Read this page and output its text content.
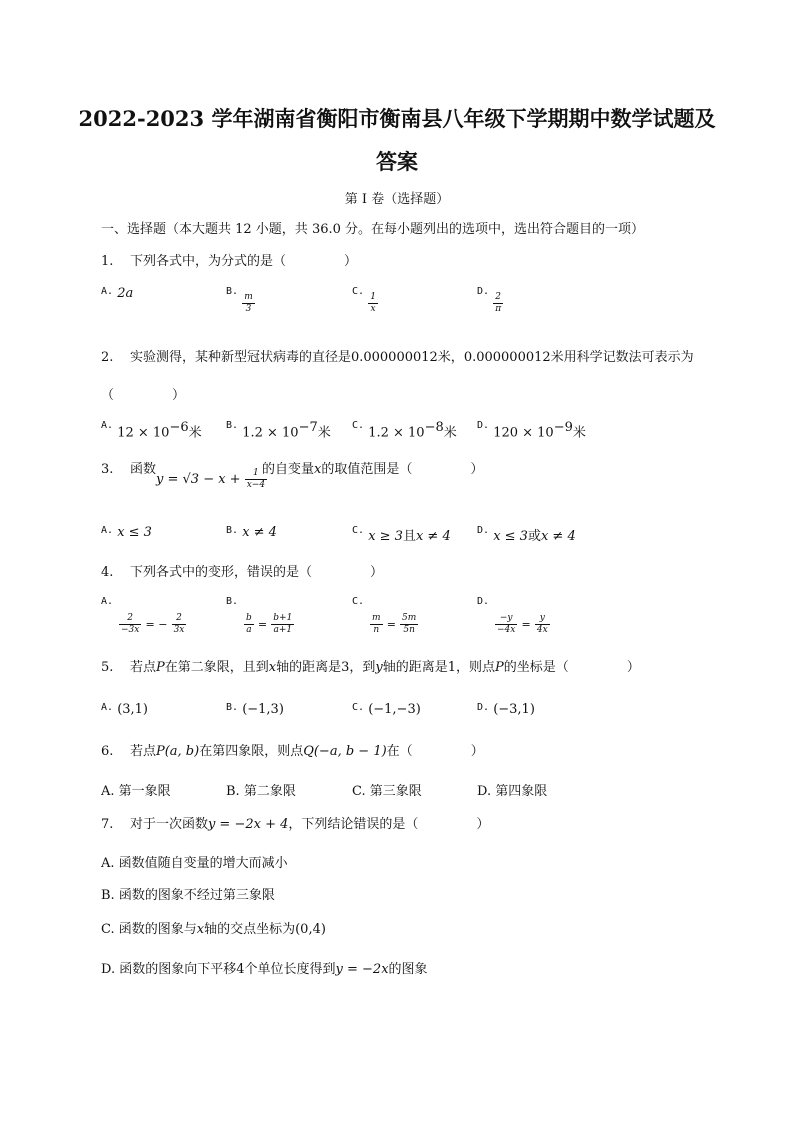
2022-2023 学年湖南省衡阳市衡南县八年级下学期期中数学试题及
答案
第 I 卷（选择题）
一、选择题（本大题共 12 小题，共 36.0 分。在每小题列出的选项中，选出符合题目的一项）
1. 下列各式中，为分式的是（	）
$^{A.}$ 2a	$^{B.}$
$\frac{m}{3}$
$^{C.}$
$\frac{1}{x}$
$^{D.}$
$\frac{2}{\pi}$
2. 实验测得，某种新型冠状病毒的直径是0.000000012米，0.000000012米用科学记数法可表示为
（	）
$^{A.}$ $12 \times 10^{-6}$米 $^{B.}$ $1.2 \times 10^{-7}$米 $^{C.}$ $1.2 \times 10^{-8}$米 $^{D.}$ $120 \times 10^{-9}$米
3. 函数
$y = √3 - x + \frac{1}{x-4}$
的自变量x的取值范围是（	）
$^{A.}$ x ≤ 3	$^{B.}$ x ≠ 4	$^{C.}$ x ≥ 3且x ≠ 4	$^{D.}$ x ≤ 3或x ≠ 4
4. 下列各式中的变形，错误的是（	）
$^{A.}$
$\frac{2}{-3x}$ = − $\frac{2}{3x}$
$^{B.}$
$\frac{b}{a} = \frac{b+1}{a+1}$
$^{C.}$
$\frac{m}{n} = \frac{5m}{5n}$
$^{D.}$
$\frac{-y}{-4x} = \frac{y}{4x}$
5. 若点P在第二象限，且到x轴的距离是3，到y轴的距离是1，则点P的坐标是（	）
$^{A.}$ (3,1)	$^{B.}$ (−1,3)	$^{C.}$ (−1,−3)	$^{D.}$ (−3,1)
6. 若点P(a, b)在第四象限，则点Q(−a, b − 1)在（	）
A. 第一象限	B. 第二象限	C. 第三象限	D. 第四象限
7. 对于一次函数y = −2x + 4，下列结论错误的是（	）
A. 函数值随自变量的增大而减小
B. 函数的图象不经过第三象限
C. 函数的图象与x轴的交点坐标为(0,4)
D. 函数的图象向下平移4个单位长度得到y = −2x的图象
